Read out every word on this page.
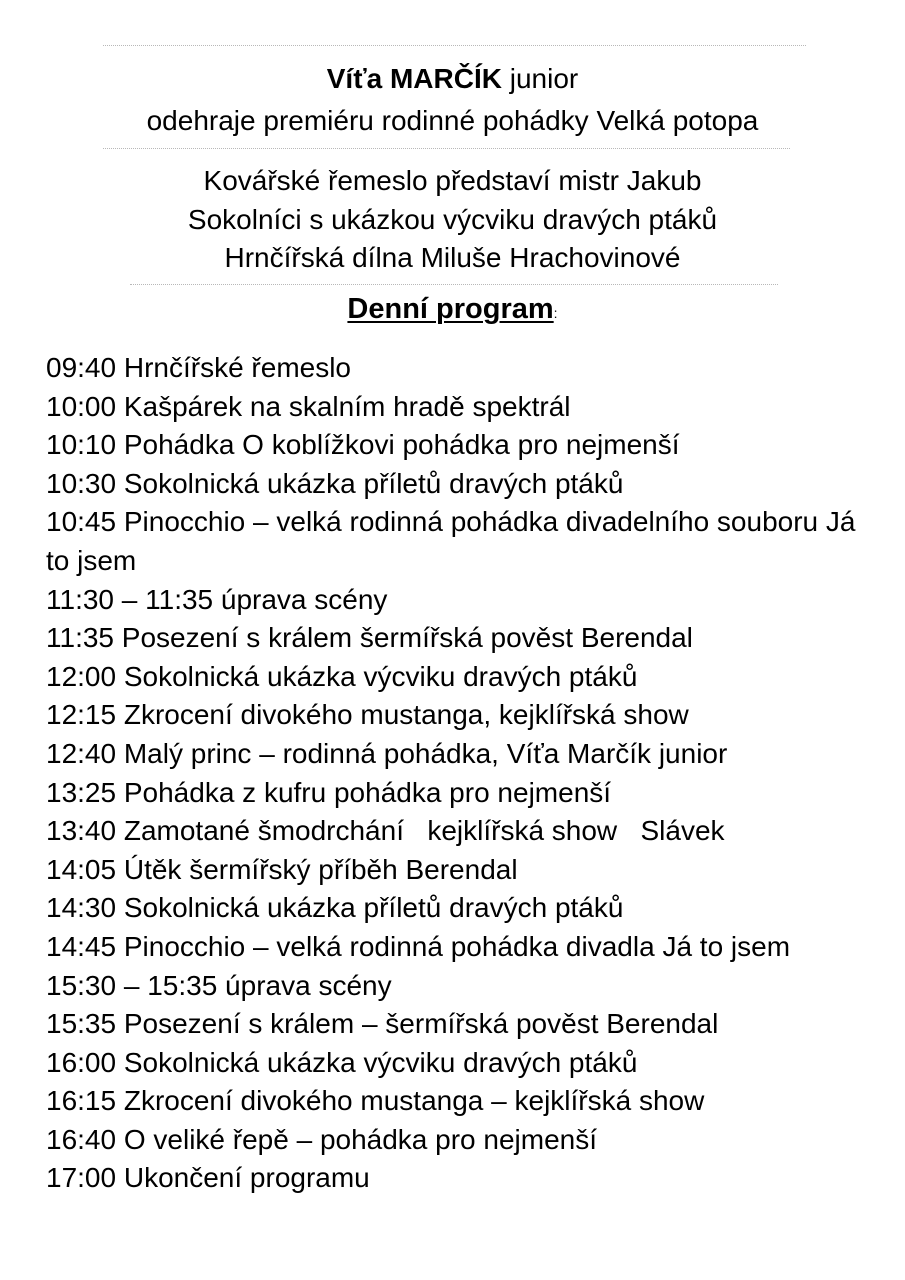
Víťa MARČÍK junior
odehraje premiéru rodinné pohádky Velká potopa
Kovářské řemeslo představí mistr Jakub
Sokolníci s ukázkou výcviku dravých ptáků
Hrnčířská dílna Miluše Hrachovinové
Denní program:
09:40 Hrnčířské řemeslo
10:00 Kašpárek na skalním hradě spektrál
10:10 Pohádka O koblížkovi pohádka pro nejmenší
10:30 Sokolnická ukázka příletů dravých ptáků
10:45 Pinocchio – velká rodinná pohádka divadelního souboru Já to jsem
11:30 – 11:35 úprava scény
11:35 Posezení s králem šermířská pověst Berendal
12:00 Sokolnická ukázka výcviku dravých ptáků
12:15 Zkrocení divokého mustanga, kejklířská show
12:40 Malý princ – rodinná pohádka, Víťa Marčík junior
13:25 Pohádka z kufru pohádka pro nejmenší
13:40 Zamotané šmodrchání   kejklířská show   Slávek
14:05 Útěk šermířský příběh Berendal
14:30 Sokolnická ukázka příletů dravých ptáků
14:45 Pinocchio – velká rodinná pohádka divadla Já to jsem
15:30 – 15:35 úprava scény
15:35 Posezení s králem – šermířská pověst Berendal
16:00 Sokolnická ukázka výcviku dravých ptáků
16:15 Zkrocení divokého mustanga – kejklířská show
16:40 O veliké řepě – pohádka pro nejmenší
17:00 Ukončení programu
